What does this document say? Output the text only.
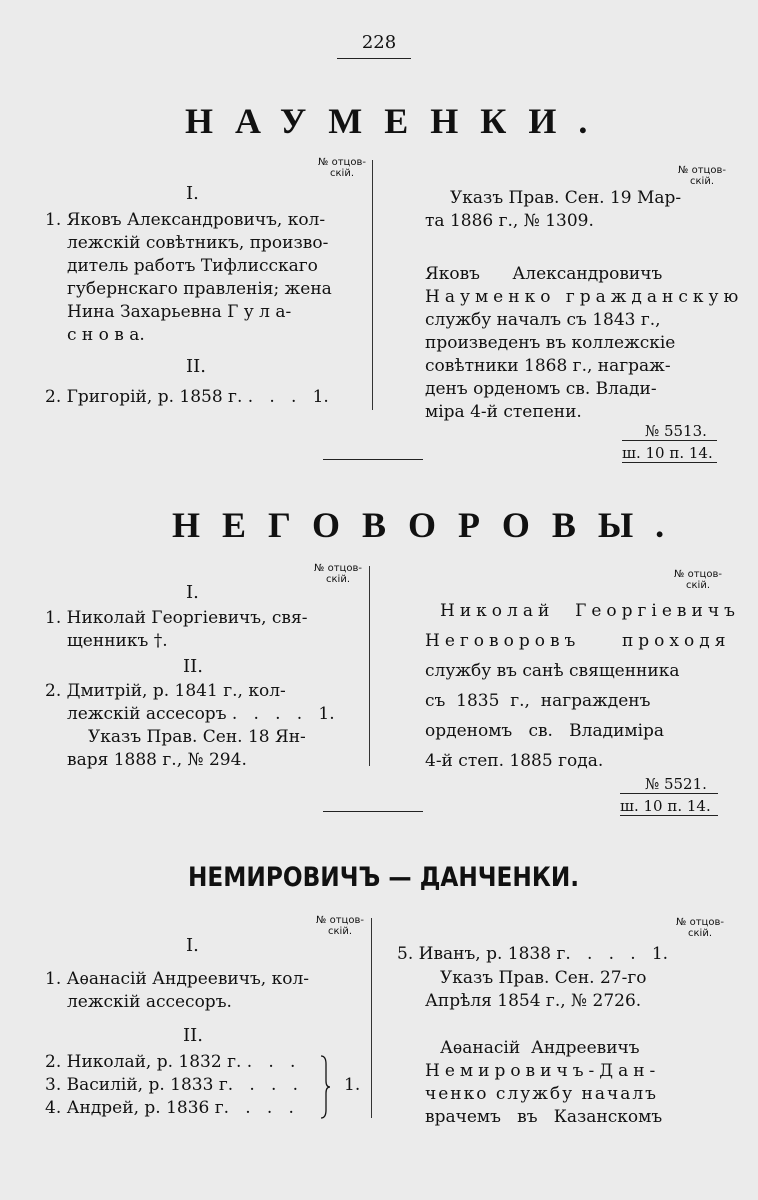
228
НАУМЕНКИ.
№ отцов-
скій.
I.
1. Яковъ Александровичъ, кол-
лежскій совѣтникъ, произво-
дитель работъ Тифлисскаго
губернскаго правленія; жена
Нина Захарьевна Г у л а-
с н о в а.
II.
2. Григорій, р. 1858 г. .   .   .   1.
№ отцов-
скій.
Указъ Прав. Сен. 19 Мар-
та 1886 г., № 1309.
Яковъ      Александровичъ
Науменко гражданскую
службу началъ съ 1843 г.,
произведенъ въ коллежскіе
совѣтники 1868 г., награж-
денъ орденомъ св. Влади-
міра 4-й степени.
№ 5513.
ш. 10 п. 14.
НЕГОВОРОВЫ.
№ отцов-
скій.
I.
1. Николай Георгіевичъ, свя-
щенникъ †.
II.
2. Дмитрій, р. 1841 г., кол-
лежскій ассесоръ .   .   .   .   1.
Указъ Прав. Сен. 18 Ян-
варя 1888 г., № 294.
№ отцов-
скій.
Николай  Георгіевичъ
Неговоровъ    проходя
службу въ санѣ священника
съ  1835  г.,  награжденъ
орденомъ   св.   Владиміра
4-й степ. 1885 года.
№ 5521.
ш. 10 п. 14.
НЕМИРОВИЧЪ — ДАНЧЕНКИ.
№ отцов-
скій.
I.
1. Аѳанасій Андреевичъ, кол-
лежскій ассесоръ.
II.
2. Николай, р. 1832 г. .   .   .
3. Василій, р. 1833 г.   .   .   .
4. Андрей, р. 1836 г.   .   .   .
1.
№ отцов-
скій.
5. Иванъ, р. 1838 г.   .   .   .   1.
Указъ Прав. Сен. 27-го
Апрѣля 1854 г., № 2726.
Аѳанасій  Андреевичъ
Немировичъ-Дан-
ченко службу началъ
врачемъ   въ   Казанскомъ
